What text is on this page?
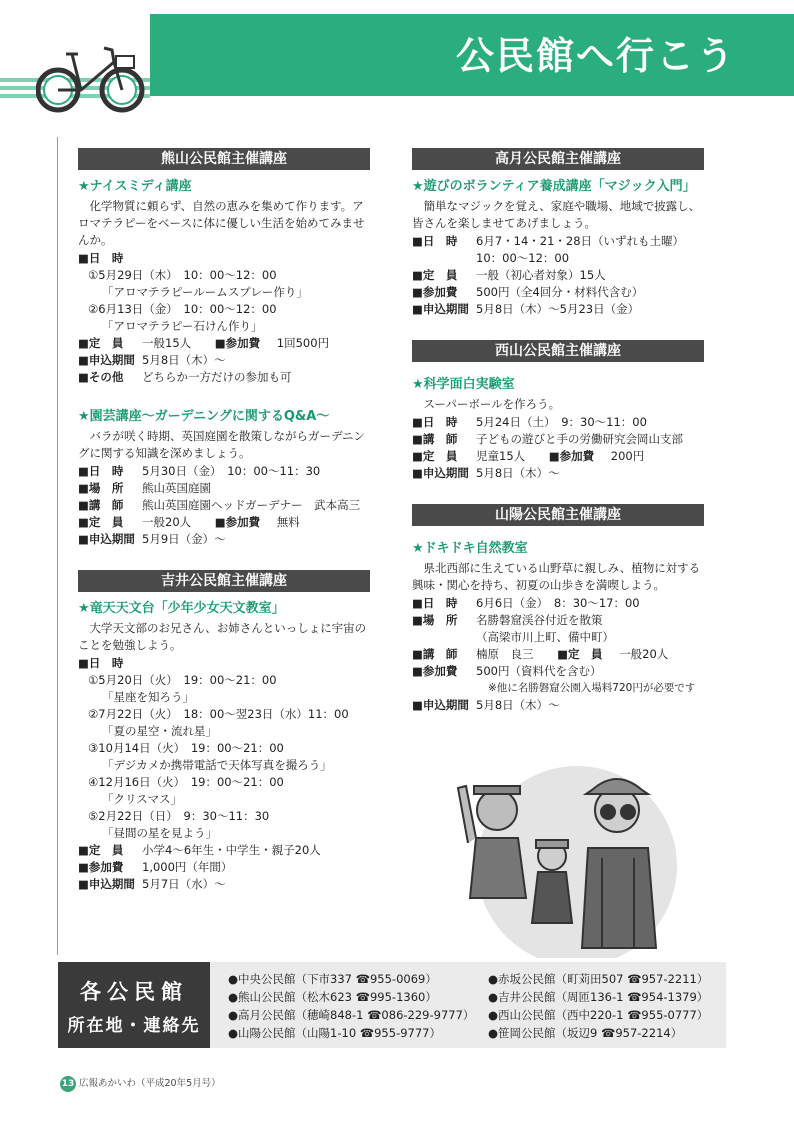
公民館へ行こう
熊山公民館主催講座
★ナイスミディ講座
化学物質に頼らず、自然の恵みを集めて作ります。アロマテラピーをベースに体に優しい生活を始めてみませんか。
■日　時
①5月29日（木）　10：00～12：00
「アロマテラピールームスプレー作り」
②6月13日（金）　10：00～12：00
「アロマテラピー石けん作り」
■定　員 一般15人 ■参加費 1回500円
■申込期間 5月8日（木）～
■その他 どちらか一方だけの参加も可
★園芸講座～ガーデニングに関するQ&A～
バラが咲く時期、英国庭園を散策しながらガーデニングに関する知識を深めましょう。
■日　時 5月30日（金）　10：00～11：30
■場　所 熊山英国庭園
■講　師 熊山英国庭園ヘッドガーデナー　武本高三
■定　員 一般20人 ■参加費 無料
■申込期間 5月9日（金）～
吉井公民館主催講座
★竜天天文台「少年少女天文教室」
大学天文部のお兄さん、お姉さんといっしょに宇宙のことを勉強しよう。
■日　時
①5月20日（火）　19：00～21：00
「星座を知ろう」
②7月22日（火）　18：00～翌23日（水）11：00
「夏の星空・流れ星」
③10月14日（火）　19：00～21：00
「デジカメか携帯電話で天体写真を撮ろう」
④12月16日（火）　19：00～21：00
「クリスマス」
⑤2月22日（日）　9：30～11：30
「昼間の星を見よう」
■定　員 小学4～6年生・中学生・親子20人
■参加費 1,000円（年間）
■申込期間 5月7日（水）～
高月公民館主催講座
★遊びのボランティア養成講座「マジック入門」
簡単なマジックを覚え、家庭や職場、地域で披露し、皆さんを楽しませてあげましょう。
■日　時 6月7・14・21・28日（いずれも土曜）
10：00～12：00
■定　員 一般（初心者対象）15人
■参加費 500円（全4回分・材料代含む）
■申込期間 5月8日（木）～5月23日（金）
西山公民館主催講座
★科学面白実験室
スーパーボールを作ろう。
■日　時 5月24日（土）　9：30～11：00
■講　師 子どもの遊びと手の労働研究会岡山支部
■定　員 児童15人 ■参加費 200円
■申込期間 5月8日（木）～
山陽公民館主催講座
★ドキドキ自然教室
県北西部に生えている山野草に親しみ、植物に対する興味・関心を持ち、初夏の山歩きを満喫しよう。
■日　時 6月6日（金）　8：30～17：00
■場　所 名勝磐窟渓谷付近を散策
（高梁市川上町、備中町）
■講　師 楠原　良三 ■定　員 一般20人
■参加費 500円（資料代を含む）
※他に名勝磐窟公園入場料720円が必要です
■申込期間 5月8日（木）～
各公民館
所在地・連絡先
●中央公民館（下市337 ☎955-0069）	●赤坂公民館（町苅田507 ☎957-2211）
●熊山公民館（松木623 ☎995-1360）	●吉井公民館（周匝136-1 ☎954-1379）
●高月公民館（穂崎848-1 ☎086-229-9777）	●西山公民館（西中220-1 ☎955-0777）
●山陽公民館（山陽1-10 ☎955-9777）	●笹岡公民館（坂辺9 ☎957-2214）
13 広報あかいわ（平成20年5月号）
